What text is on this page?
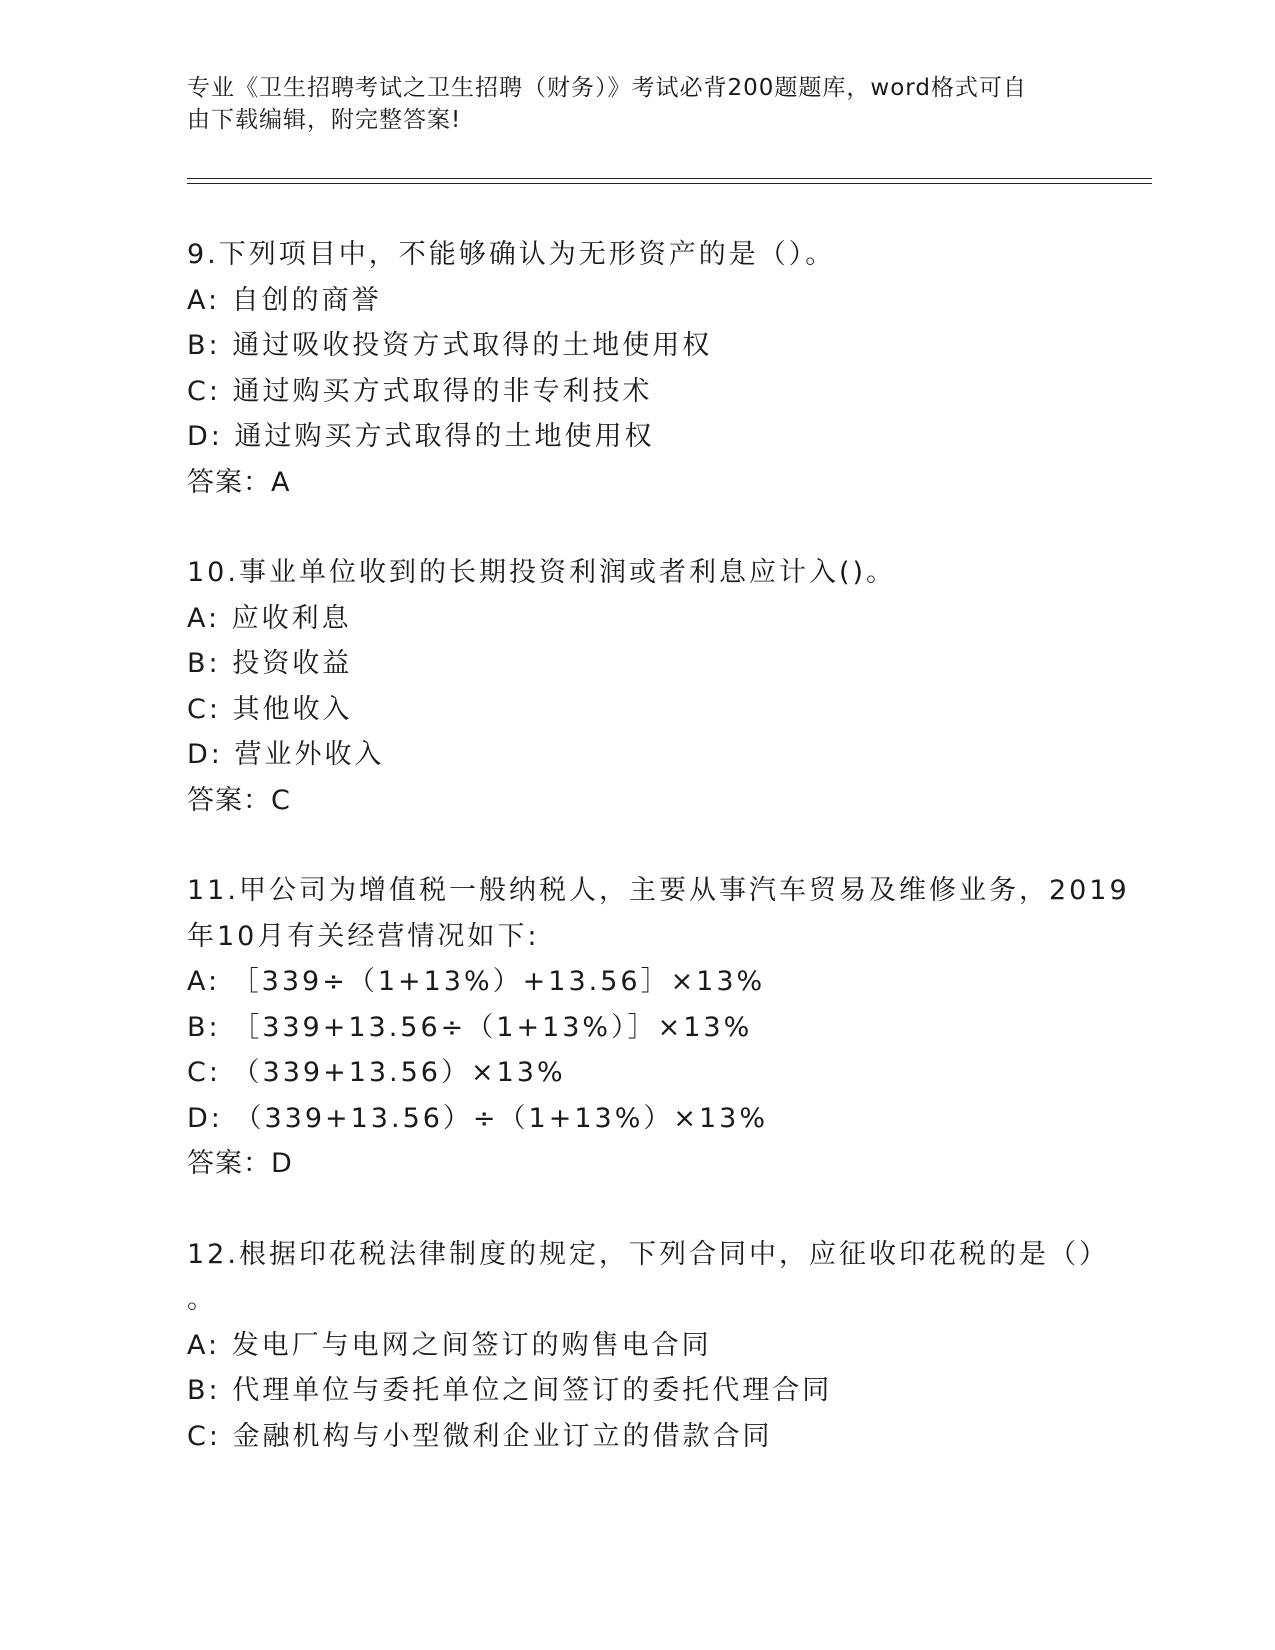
专业《卫生招聘考试之卫生招聘（财务）》考试必背200题题库，word格式可自
由下载编辑，附完整答案!
9.下列项目中，不能够确认为无形资产的是（）。
A: 自创的商誉
B: 通过吸收投资方式取得的土地使用权
C: 通过购买方式取得的非专利技术
D: 通过购买方式取得的土地使用权
答案：A
10.事业单位收到的长期投资利润或者利息应计入()。
A: 应收利息
B: 投资收益
C: 其他收入
D: 营业外收入
答案：C
11.甲公司为增值税一般纳税人，主要从事汽车贸易及维修业务，2019
年10月有关经营情况如下:
A: ［339÷（1+13%）+13.56］×13%
B: ［339+13.56÷（1+13%）］×13%
C: （339+13.56）×13%
D: （339+13.56）÷（1+13%）×13%
答案：D
12.根据印花税法律制度的规定，下列合同中，应征收印花税的是（）
。
A: 发电厂与电网之间签订的购售电合同
B: 代理单位与委托单位之间签订的委托代理合同
C: 金融机构与小型微利企业订立的借款合同
